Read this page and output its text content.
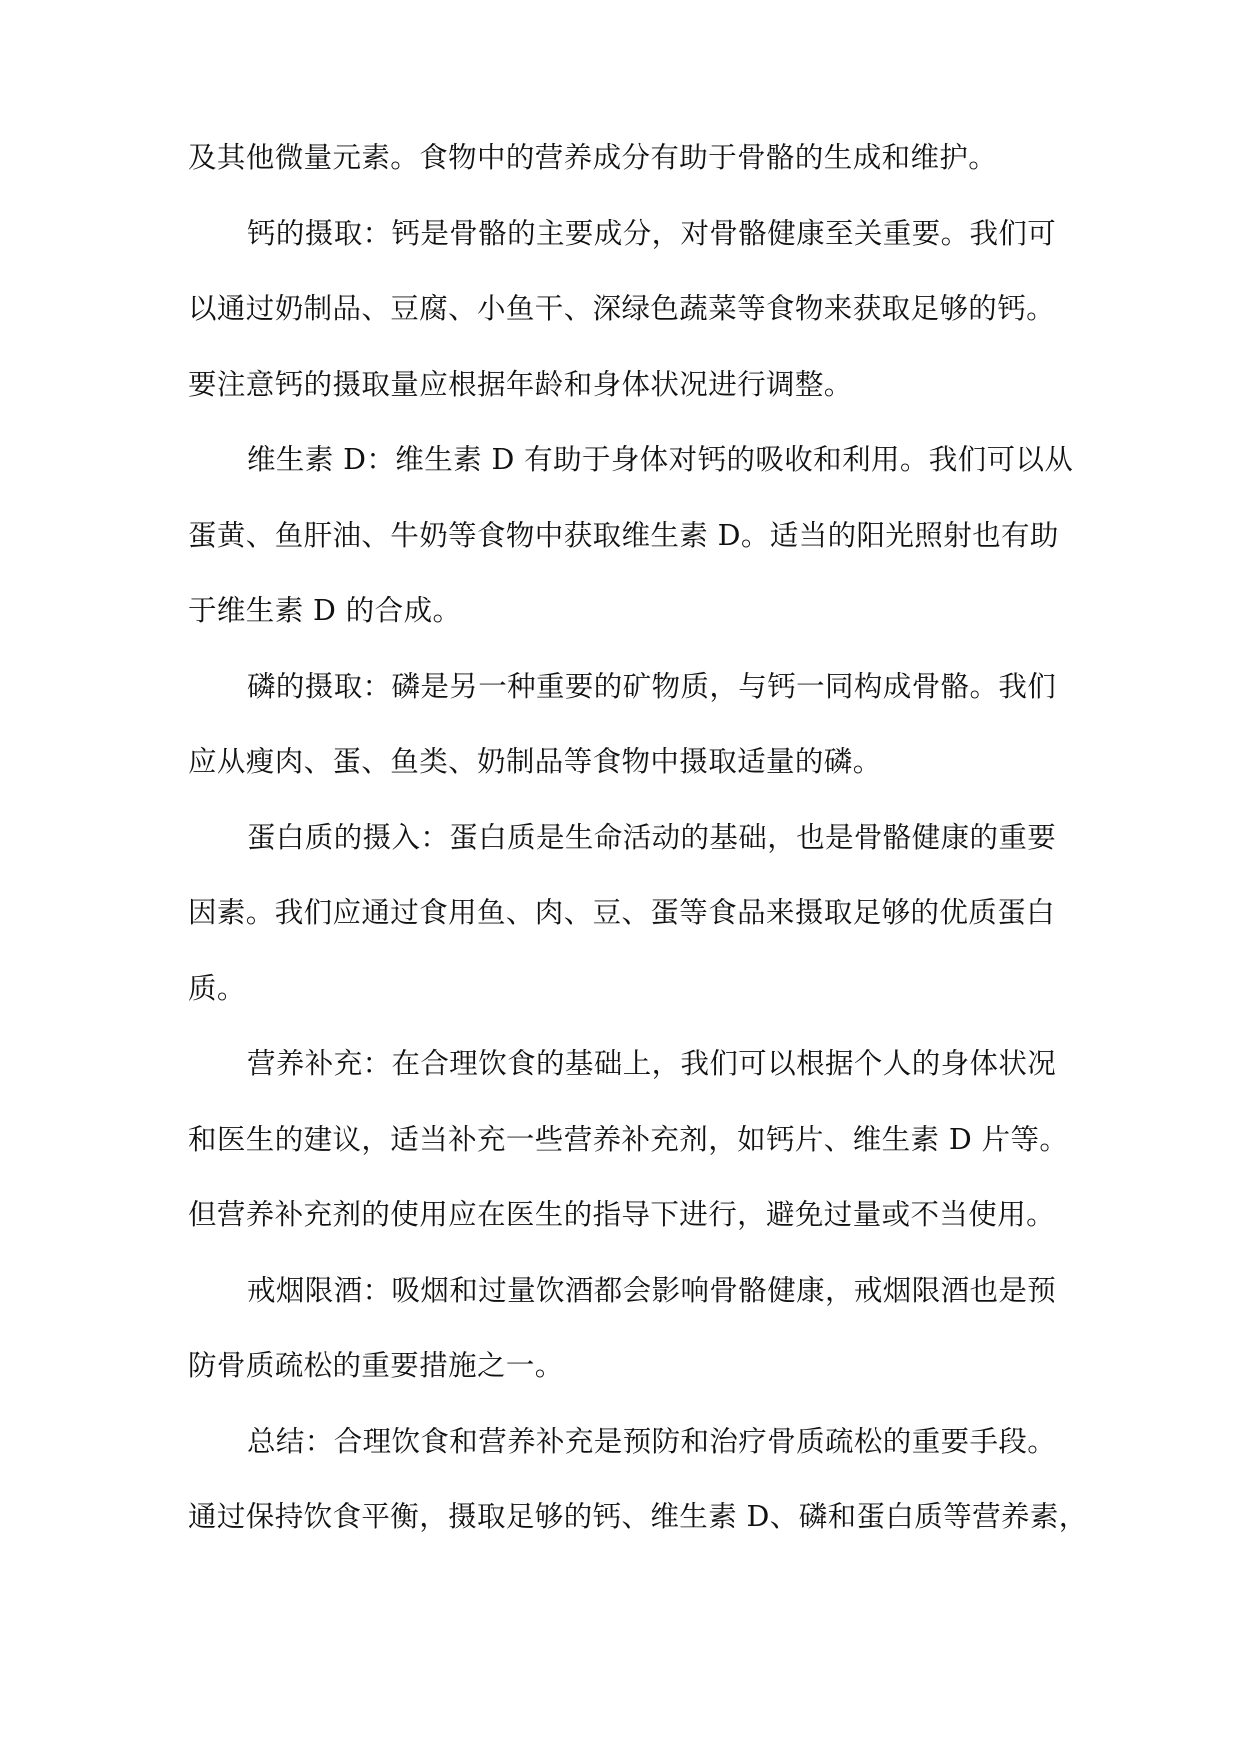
及其他微量元素。食物中的营养成分有助于骨骼的生成和维护。
钙的摄取：钙是骨骼的主要成分，对骨骼健康至关重要。我们可
以通过奶制品、豆腐、小鱼干、深绿色蔬菜等食物来获取足够的钙。
要注意钙的摄取量应根据年龄和身体状况进行调整。
维生素 D：维生素 D 有助于身体对钙的吸收和利用。我们可以从
蛋黄、鱼肝油、牛奶等食物中获取维生素 D。适当的阳光照射也有助
于维生素 D 的合成。
磷的摄取：磷是另一种重要的矿物质，与钙一同构成骨骼。我们
应从瘦肉、蛋、鱼类、奶制品等食物中摄取适量的磷。
蛋白质的摄入：蛋白质是生命活动的基础，也是骨骼健康的重要
因素。我们应通过食用鱼、肉、豆、蛋等食品来摄取足够的优质蛋白
质。
营养补充：在合理饮食的基础上，我们可以根据个人的身体状况
和医生的建议，适当补充一些营养补充剂，如钙片、维生素 D 片等。
但营养补充剂的使用应在医生的指导下进行，避免过量或不当使用。
戒烟限酒：吸烟和过量饮酒都会影响骨骼健康，戒烟限酒也是预
防骨质疏松的重要措施之一。
总结：合理饮食和营养补充是预防和治疗骨质疏松的重要手段。
通过保持饮食平衡，摄取足够的钙、维生素 D、磷和蛋白质等营养素，
